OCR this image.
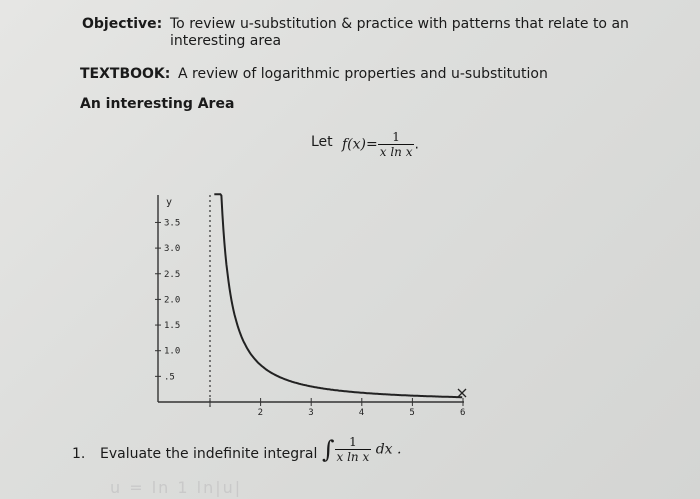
Objective: To review u-substitution & practice with patterns that relate to an
interesting area
TEXTBOOK: A review of logarithmic properties and u-substitution
An interesting Area
Let $f(x)= \frac{1}{\text{x ln x}}$ .
y
3.5
3.0
2.5
2.0
1.5
1.0
.5
2	3	4	5	6
1. Evaluate the indefinite integral ∫ $\frac{1}{\text{x ln x}}$ dx .
u = ln 1 ln|u|
